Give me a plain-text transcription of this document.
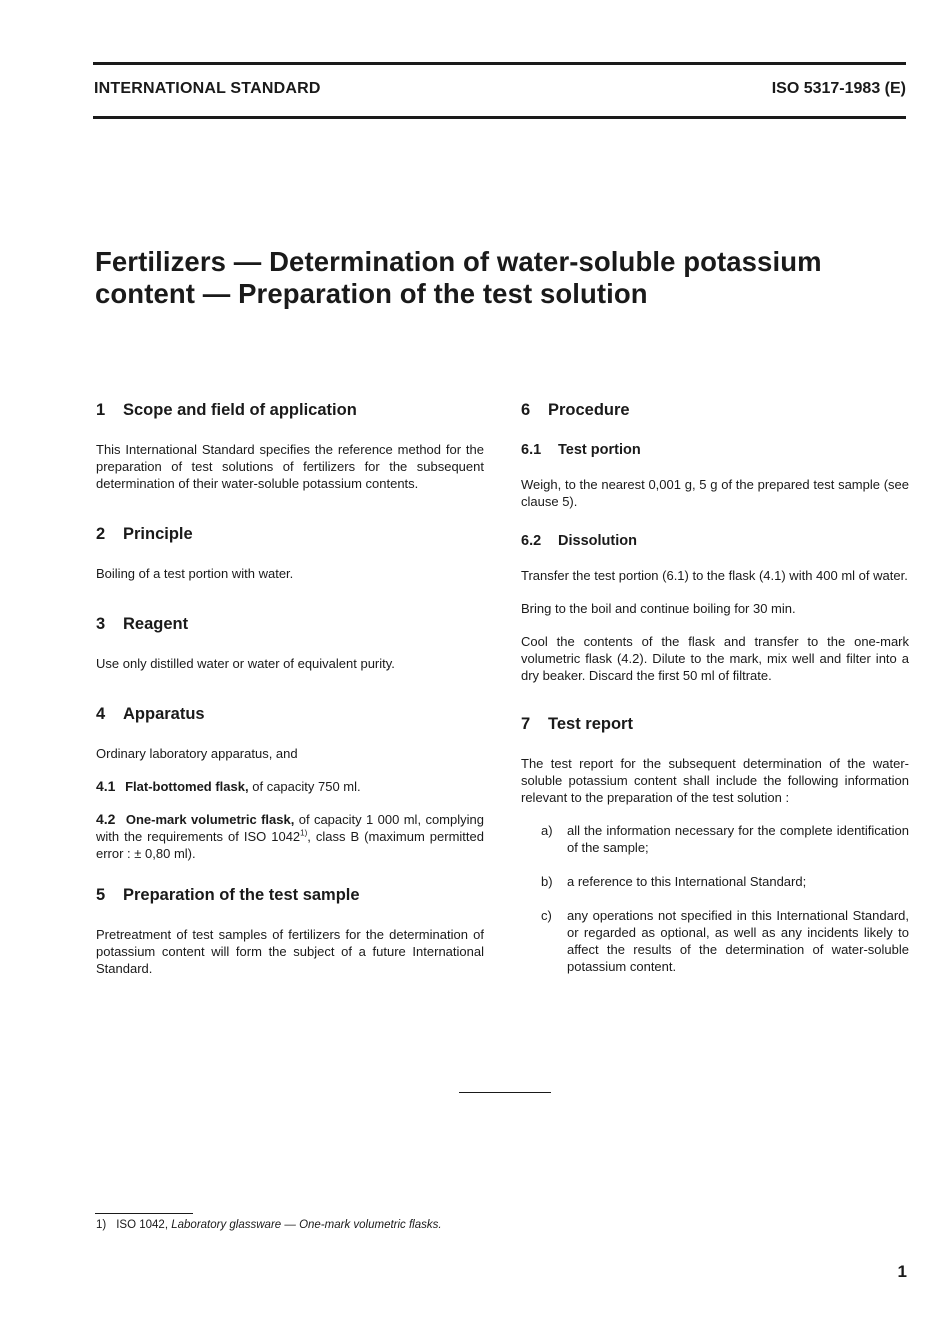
INTERNATIONAL STANDARD	ISO 5317-1983 (E)
Fertilizers — Determination of water-soluble potassium
content — Preparation of the test solution
1 Scope and field of application

This International Standard specifies the reference method for the preparation of test solutions of fertilizers for the subsequent determination of their water-soluble potassium contents.

2 Principle

Boiling of a test portion with water.

3 Reagent

Use only distilled water or water of equivalent purity.

4 Apparatus

Ordinary laboratory apparatus, and

4.1 Flat-bottomed flask, of capacity 750 ml.

4.2 One-mark volumetric flask, of capacity 1 000 ml, complying with the requirements of ISO 1042$^{1)}$, class B (maximum permitted error : ± 0,80 ml).

5 Preparation of the test sample

Pretreatment of test samples of fertilizers for the determination of potassium content will form the subject of a future International Standard.

6 Procedure
6.1 Test portion

Weigh, to the nearest 0,001 g, 5 g of the prepared test sample (see clause 5).

6.2 Dissolution

Transfer the test portion (6.1) to the flask (4.1) with 400 ml of water.

Bring to the boil and continue boiling for 30 min.

Cool the contents of the flask and transfer to the one-mark volumetric flask (4.2). Dilute to the mark, mix well and filter into a dry beaker. Discard the first 50 ml of filtrate.

7 Test report

The test report for the subsequent determination of the water-soluble potassium content shall include the following information relevant to the preparation of the test solution :

a)	all the information necessary for the complete identification of the sample;
b)	a reference to this International Standard;
c)	any operations not specified in this International Standard, or regarded as optional, as well as any incidents likely to affect the results of the determination of water-soluble potassium content.
1) ISO 1042, Laboratory glassware — One-mark volumetric flasks.
1
